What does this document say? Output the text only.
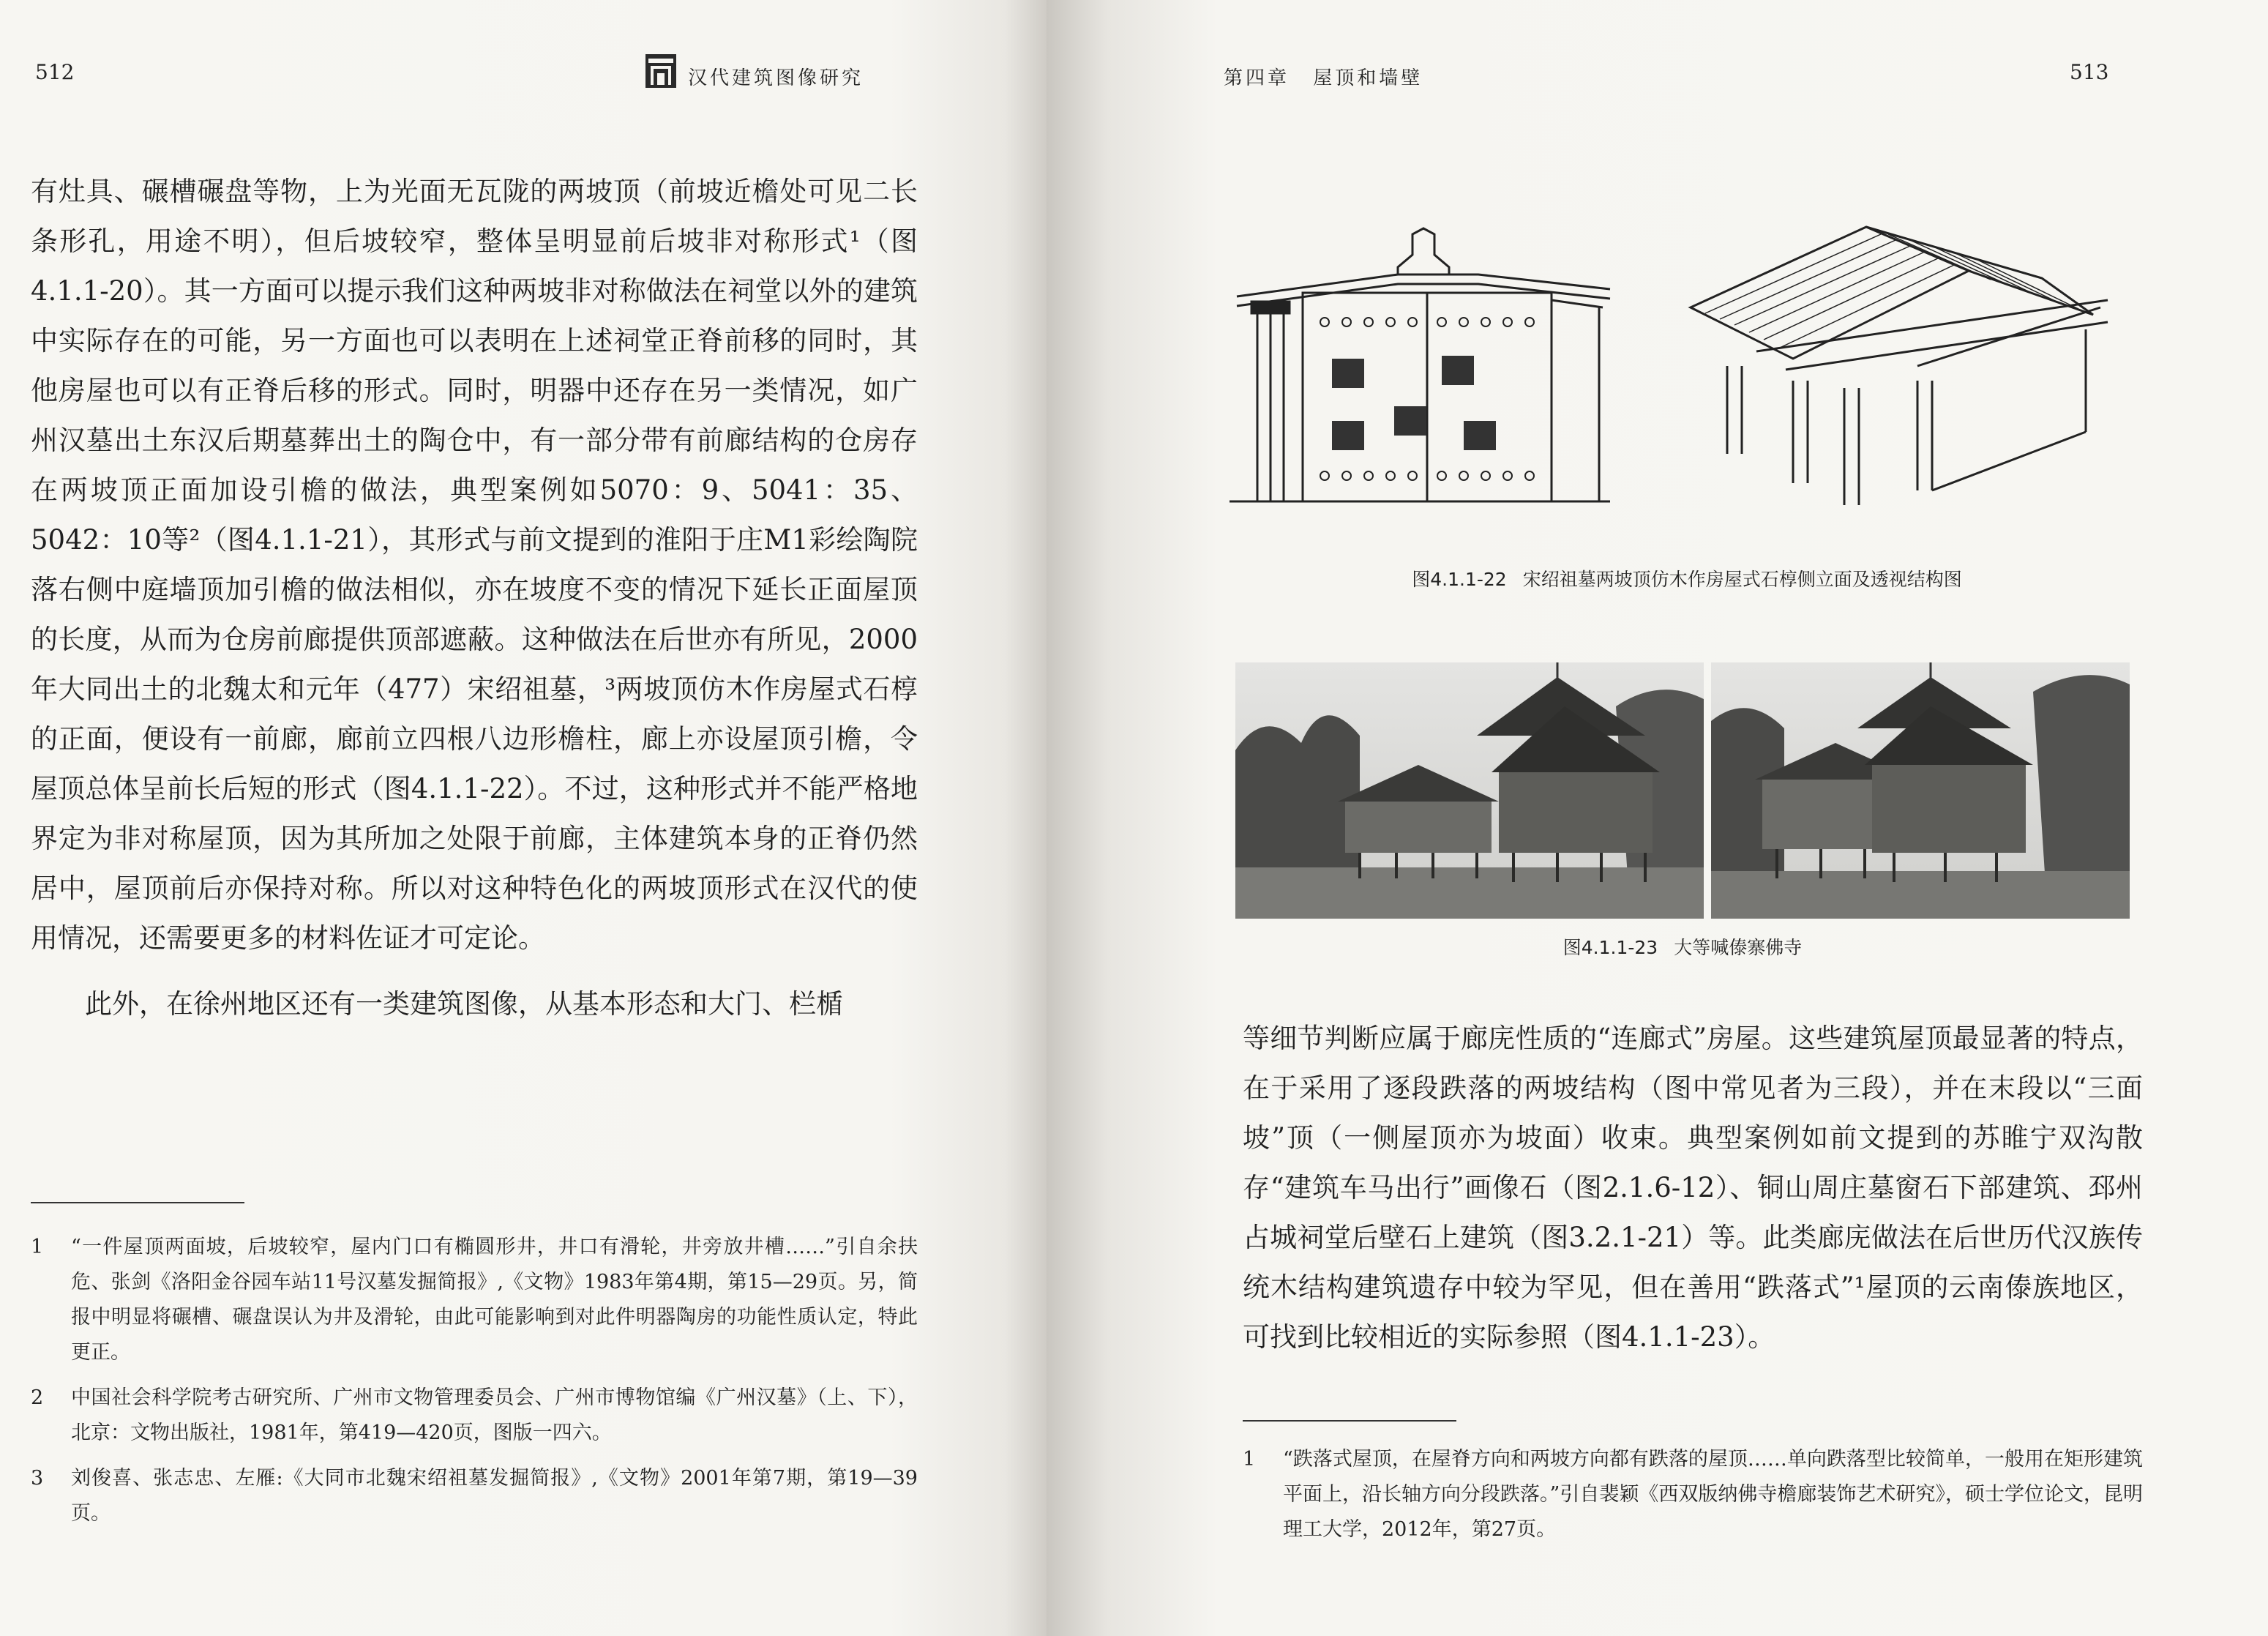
512	汉代建筑图像研究

有灶具、碾槽碾盘等物，上为光面无瓦陇的两坡顶（前坡近檐处可见二长条形孔，用途不明），但后坡较窄，整体呈明显前后坡非对称形式¹（图4.1.1-20）。其一方面可以提示我们这种两坡非对称做法在祠堂以外的建筑中实际存在的可能，另一方面也可以表明在上述祠堂正脊前移的同时，其他房屋也可以有正脊后移的形式。同时，明器中还存在另一类情况，如广州汉墓出土东汉后期墓葬出土的陶仓中，有一部分带有前廊结构的仓房存在两坡顶正面加设引檐的做法，典型案例如5070：9、5041：35、5042：10等²（图4.1.1-21），其形式与前文提到的淮阳于庄M1彩绘陶院落右侧中庭墙顶加引檐的做法相似，亦在坡度不变的情况下延长正面屋顶的长度，从而为仓房前廊提供顶部遮蔽。这种做法在后世亦有所见，2000年大同出土的北魏太和元年（477）宋绍祖墓，³两坡顶仿木作房屋式石椁的正面，便设有一前廊，廊前立四根八边形檐柱，廊上亦设屋顶引檐，令屋顶总体呈前长后短的形式（图4.1.1-22）。不过，这种形式并不能严格地界定为非对称屋顶，因为其所加之处限于前廊，主体建筑本身的正脊仍然居中，屋顶前后亦保持对称。所以对这种特色化的两坡顶形式在汉代的使用情况，还需要更多的材料佐证才可定论。

此外，在徐州地区还有一类建筑图像，从基本形态和大门、栏楯

1	“一件屋顶两面坡，后坡较窄，屋内门口有椭圆形井，井口有滑轮，井旁放井槽……”引自余扶危、张剑《洛阳金谷园车站11号汉墓发掘简报》,《文物》1983年第4期，第15—29页。另，简报中明显将碾槽、碾盘误认为井及滑轮，由此可能影响到对此件明器陶房的功能性质认定，特此更正。
2	中国社会科学院考古研究所、广州市文物管理委员会、广州市博物馆编《广州汉墓》（上、下），北京：文物出版社，1981年，第419—420页，图版一四六。
3	刘俊喜、张志忠、左雁:《大同市北魏宋绍祖墓发掘简报》,《文物》2001年第7期，第19—39页。
第四章 屋顶和墙壁	513
图4.1.1-22 宋绍祖墓两坡顶仿木作房屋式石椁侧立面及透视结构图
图4.1.1-23 大等喊傣寨佛寺

等细节判断应属于廊庑性质的“连廊式”房屋。这些建筑屋顶最显著的特点，在于采用了逐段跌落的两坡结构（图中常见者为三段），并在末段以“三面坡”顶（一侧屋顶亦为坡面）收束。典型案例如前文提到的苏睢宁双沟散存“建筑车马出行”画像石（图2.1.6-12）、铜山周庄墓窗石下部建筑、邳州占城祠堂后壁石上建筑（图3.2.1-21）等。此类廊庑做法在后世历代汉族传统木结构建筑遗存中较为罕见，但在善用“跌落式”¹屋顶的云南傣族地区，可找到比较相近的实际参照（图4.1.1-23）。

1	“跌落式屋顶，在屋脊方向和两坡方向都有跌落的屋顶……单向跌落型比较简单，一般用在矩形建筑平面上，沿长轴方向分段跌落。”引自裴颖《西双版纳佛寺檐廊装饰艺术研究》，硕士学位论文，昆明理工大学，2012年，第27页。
